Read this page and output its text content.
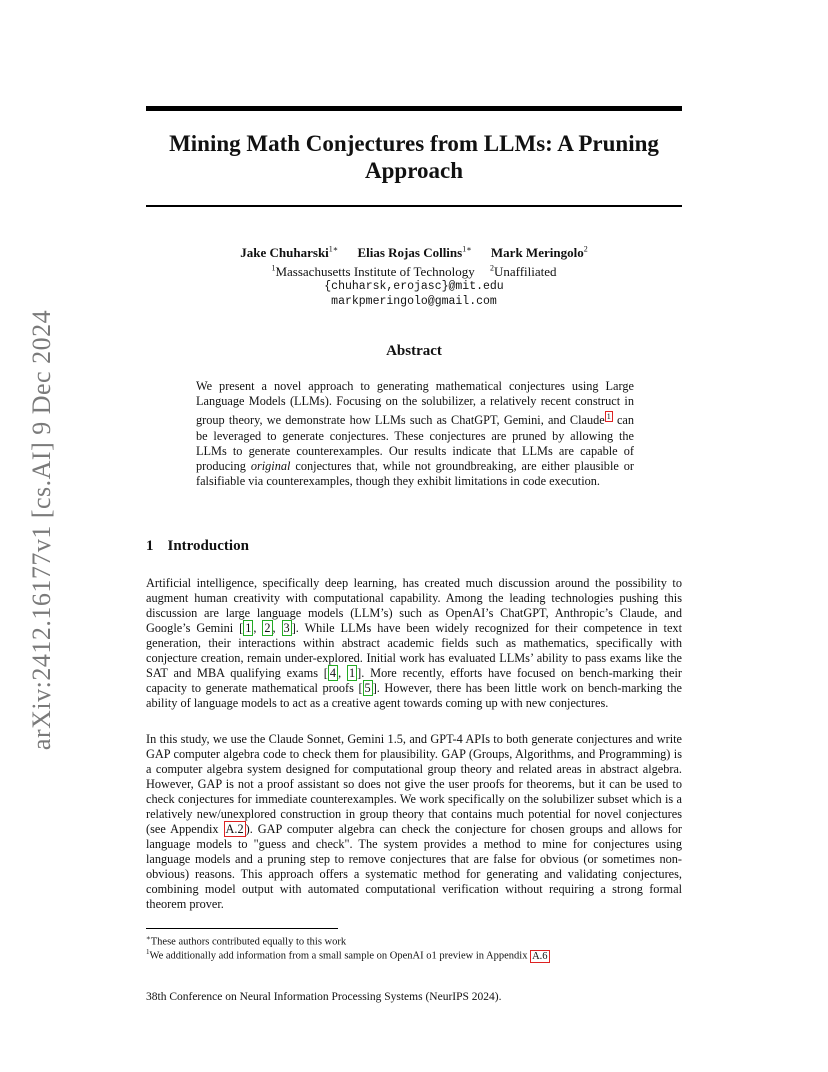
arXiv:2412.16177v1 [cs.AI] 9 Dec 2024
Mining Math Conjectures from LLMs: A Pruning
Approach
Jake Chuharski$^{1∗}$ Elias Rojas Collins$^{1∗}$ Mark Meringolo$^2$
$^1$Massachusetts Institute of Technology $^2$Unaffiliated
{chuharsk,erojasc}@mit.edu
markpmeringolo@gmail.com
Abstract
We present a novel approach to generating mathematical conjectures using Large Language Models (LLMs). Focusing on the solubilizer, a relatively recent construct in group theory, we demonstrate how LLMs such as ChatGPT, Gemini, and Claude $^1$ can be leveraged to generate conjectures. These conjectures are pruned by allowing the LLMs to generate counterexamples. Our results indicate that LLMs are capable of producing original conjectures that, while not groundbreaking, are either plausible or falsifiable via counterexamples, though they exhibit limitations in code execution.
1 Introduction

Artificial intelligence, specifically deep learning, has created much discussion around the possibility to augment human creativity with computational capability. Among the leading technologies pushing this discussion are large language models (LLM’s) such as OpenAI’s ChatGPT, Anthropic’s Claude, and Google’s Gemini [ 1 , 2 , 3 ]. While LLMs have been widely recognized for their competence in text generation, their interactions within abstract academic fields such as mathematics, specifically with conjecture creation, remain under-explored. Initial work has evaluated LLMs’ ability to pass exams like the SAT and MBA qualifying exams [ 4 , 1 ]. More recently, efforts have focused on bench-marking their capacity to generate mathematical proofs [ 5 ]. However, there has been little work on bench-marking the ability of language models to act as a creative agent towards coming up with new conjectures.

In this study, we use the Claude Sonnet, Gemini 1.5, and GPT-4 APIs to both generate conjectures and write GAP computer algebra code to check them for plausibility. GAP (Groups, Algorithms, and Programming) is a computer algebra system designed for computational group theory and related areas in abstract algebra. However, GAP is not a proof assistant so does not give the user proofs for theorems, but it can be used to check conjectures for immediate counterexamples. We work specifically on the solubilizer subset which is a relatively new/unexplored construction in group theory that contains much potential for novel conjectures (see Appendix A.2 ). GAP computer algebra can check the conjecture for chosen groups and allows for language models to "guess and check". The system provides a method to mine for conjectures using language models and a pruning step to remove conjectures that are false for obvious (or sometimes non-obvious) reasons. This approach offers a systematic method for generating and validating conjectures, combining model output with automated computational verification without requiring a strong formal theorem prover.

∗These authors contributed equally to this work
$^1$We additionally add information from a small sample on OpenAI o1 preview in Appendix A.6
38th Conference on Neural Information Processing Systems (NeurIPS 2024).
